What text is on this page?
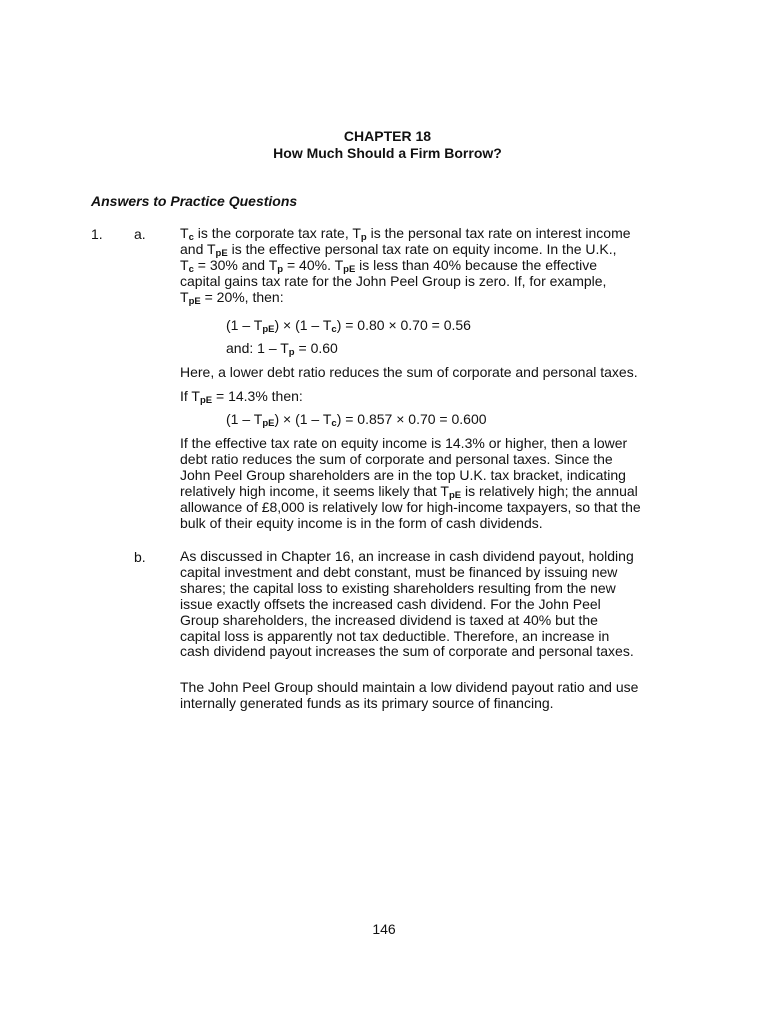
CHAPTER 18
How Much Should a Firm Borrow?
Answers to Practice Questions
1. a. $T_c$ is the corporate tax rate, $T_p$ is the personal tax rate on interest income
and $T_{pE}$ is the effective personal tax rate on equity income. In the U.K.,
$T_c = 30\%$ and $T_p = 40\%$. $T_{pE}$ is less than 40% because the effective
capital gains tax rate for the John Peel Group is zero. If, for example,
$T_{pE} = 20\%$, then:
$(1 - T_{pE}) \times (1 - T_c) = 0.80 \times 0.70 = 0.56$
and: $1 - T_p = 0.60$
Here, a lower debt ratio reduces the sum of corporate and personal taxes.
If $T_{pE} = 14.3\%$ then:
$(1 - T_{pE}) \times (1 - T_c) = 0.857 \times 0.70 = 0.600$
If the effective tax rate on equity income is 14.3% or higher, then a lower
debt ratio reduces the sum of corporate and personal taxes. Since the
John Peel Group shareholders are in the top U.K. tax bracket, indicating
relatively high income, it seems likely that $T_{pE}$ is relatively high; the annual
allowance of £8,000 is relatively low for high-income taxpayers, so that the
bulk of their equity income is in the form of cash dividends.
b. As discussed in Chapter 16, an increase in cash dividend payout, holding
capital investment and debt constant, must be financed by issuing new
shares; the capital loss to existing shareholders resulting from the new
issue exactly offsets the increased cash dividend. For the John Peel
Group shareholders, the increased dividend is taxed at 40% but the
capital loss is apparently not tax deductible. Therefore, an increase in
cash dividend payout increases the sum of corporate and personal taxes.
The John Peel Group should maintain a low dividend payout ratio and use
internally generated funds as its primary source of financing.
146
